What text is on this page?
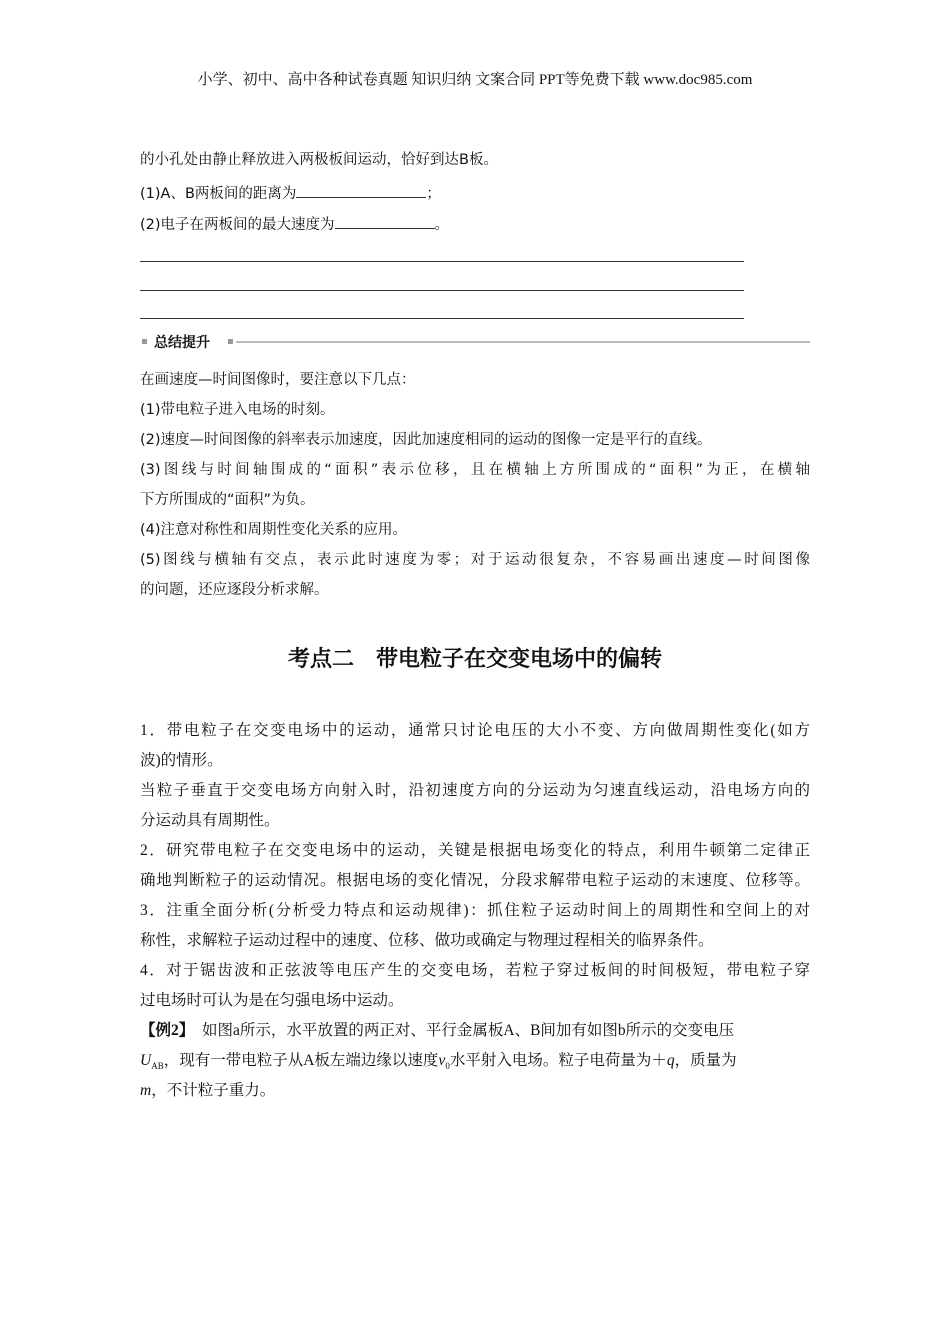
小学、初中、高中各种试卷真题 知识归纳 文案合同 PPT等免费下载 www.doc985.com
的小孔处由静止释放进入两极板间运动，恰好到达B板。
(1)A、B两板间的距离为	；
(2)电子在两板间的最大速度为	。
总结提升
在画速度—时间图像时，要注意以下几点：
(1)带电粒子进入电场的时刻。
(2)速度—时间图像的斜率表示加速度，因此加速度相同的运动的图像一定是平行的直线。
(3)图线与时间轴围成的“面积”表示位移，且在横轴上方所围成的“面积”为正，在横轴
下方所围成的“面积”为负。
(4)注意对称性和周期性变化关系的应用。
(5)图线与横轴有交点，表示此时速度为零；对于运动很复杂，不容易画出速度—时间图像
的问题，还应逐段分析求解。
考点二　带电粒子在交变电场中的偏转
1．带电粒子在交变电场中的运动，通常只讨论电压的大小不变、方向做周期性变化(如方
波)的情形。
当粒子垂直于交变电场方向射入时，沿初速度方向的分运动为匀速直线运动，沿电场方向的
分运动具有周期性。
2．研究带电粒子在交变电场中的运动，关键是根据电场变化的特点，利用牛顿第二定律正
确地判断粒子的运动情况。根据电场的变化情况，分段求解带电粒子运动的末速度、位移等。
3．注重全面分析(分析受力特点和运动规律)：抓住粒子运动时间上的周期性和空间上的对
称性，求解粒子运动过程中的速度、位移、做功或确定与物理过程相关的临界条件。
4．对于锯齿波和正弦波等电压产生的交变电场，若粒子穿过板间的时间极短，带电粒子穿
过电场时可认为是在匀强电场中运动。
【例2】　如图a所示，水平放置的两正对、平行金属板A、B间加有如图b所示的交变电压
$U_{AB}$，现有一带电粒子从A板左端边缘以速度$v_0$水平射入电场。粒子电荷量为＋q，质量为
m，不计粒子重力。
